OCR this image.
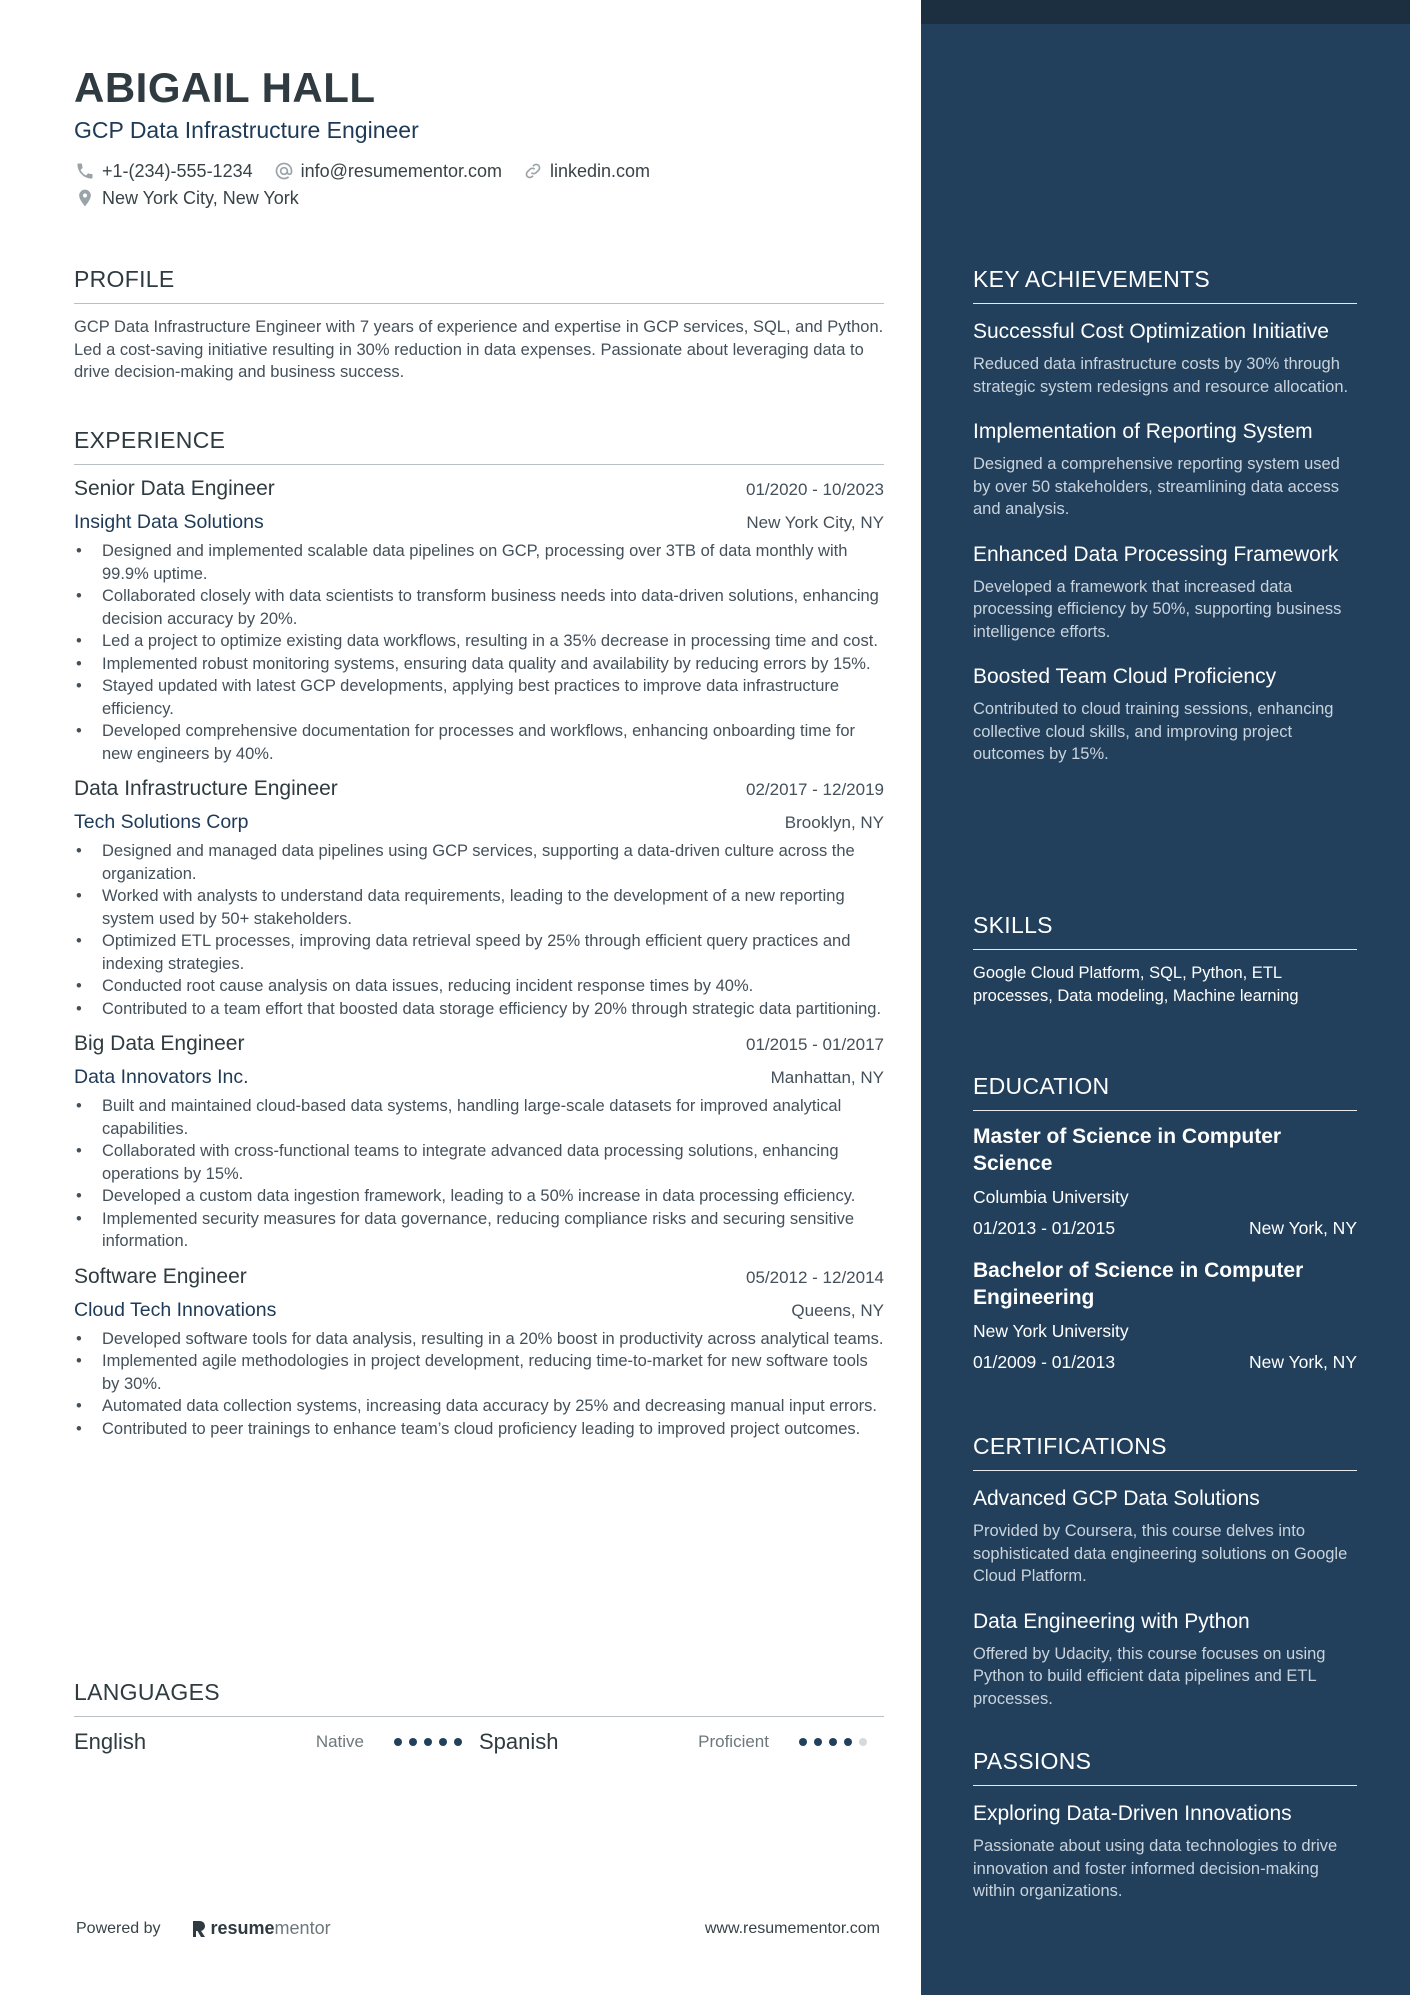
ABIGAIL HALL
GCP Data Infrastructure Engineer
+1-(234)-555-1234	info@resumementor.com	linkedin.com
New York City, New York
PROFILE
GCP Data Infrastructure Engineer with 7 years of experience and expertise in GCP services, SQL, and Python. Led a cost-saving initiative resulting in 30% reduction in data expenses. Passionate about leveraging data to drive decision-making and business success.
EXPERIENCE
Senior Data Engineer	01/2020 - 10/2023
Insight Data Solutions	New York City, NY
• Designed and implemented scalable data pipelines on GCP, processing over 3TB of data monthly with 99.9% uptime.
• Collaborated closely with data scientists to transform business needs into data-driven solutions, enhancing decision accuracy by 20%.
• Led a project to optimize existing data workflows, resulting in a 35% decrease in processing time and cost.
• Implemented robust monitoring systems, ensuring data quality and availability by reducing errors by 15%.
• Stayed updated with latest GCP developments, applying best practices to improve data infrastructure efficiency.
• Developed comprehensive documentation for processes and workflows, enhancing onboarding time for new engineers by 40%.
Data Infrastructure Engineer	02/2017 - 12/2019
Tech Solutions Corp	Brooklyn, NY
• Designed and managed data pipelines using GCP services, supporting a data-driven culture across the organization.
• Worked with analysts to understand data requirements, leading to the development of a new reporting system used by 50+ stakeholders.
• Optimized ETL processes, improving data retrieval speed by 25% through efficient query practices and indexing strategies.
• Conducted root cause analysis on data issues, reducing incident response times by 40%.
• Contributed to a team effort that boosted data storage efficiency by 20% through strategic data partitioning.
Big Data Engineer	01/2015 - 01/2017
Data Innovators Inc.	Manhattan, NY
• Built and maintained cloud-based data systems, handling large-scale datasets for improved analytical capabilities.
• Collaborated with cross-functional teams to integrate advanced data processing solutions, enhancing operations by 15%.
• Developed a custom data ingestion framework, leading to a 50% increase in data processing efficiency.
• Implemented security measures for data governance, reducing compliance risks and securing sensitive information.
Software Engineer	05/2012 - 12/2014
Cloud Tech Innovations	Queens, NY
• Developed software tools for data analysis, resulting in a 20% boost in productivity across analytical teams.
• Implemented agile methodologies in project development, reducing time-to-market for new software tools by 30%.
• Automated data collection systems, increasing data accuracy by 25% and decreasing manual input errors.
• Contributed to peer trainings to enhance team’s cloud proficiency leading to improved project outcomes.
LANGUAGES
English	Native	Spanish	Proficient
Powered by	resume mentor	www.resumementor.com
KEY ACHIEVEMENTS
Successful Cost Optimization Initiative
Reduced data infrastructure costs by 30% through strategic system redesigns and resource allocation.
Implementation of Reporting System
Designed a comprehensive reporting system used by over 50 stakeholders, streamlining data access and analysis.
Enhanced Data Processing Framework
Developed a framework that increased data processing efficiency by 50%, supporting business intelligence efforts.
Boosted Team Cloud Proficiency
Contributed to cloud training sessions, enhancing collective cloud skills, and improving project outcomes by 15%.
SKILLS
Google Cloud Platform, SQL, Python, ETL processes, Data modeling, Machine learning
EDUCATION
Master of Science in Computer Science
Columbia University
01/2013 - 01/2015	New York, NY
Bachelor of Science in Computer Engineering
New York University
01/2009 - 01/2013	New York, NY
CERTIFICATIONS
Advanced GCP Data Solutions
Provided by Coursera, this course delves into sophisticated data engineering solutions on Google Cloud Platform.
Data Engineering with Python
Offered by Udacity, this course focuses on using Python to build efficient data pipelines and ETL processes.
PASSIONS
Exploring Data-Driven Innovations
Passionate about using data technologies to drive innovation and foster informed decision-making within organizations.
